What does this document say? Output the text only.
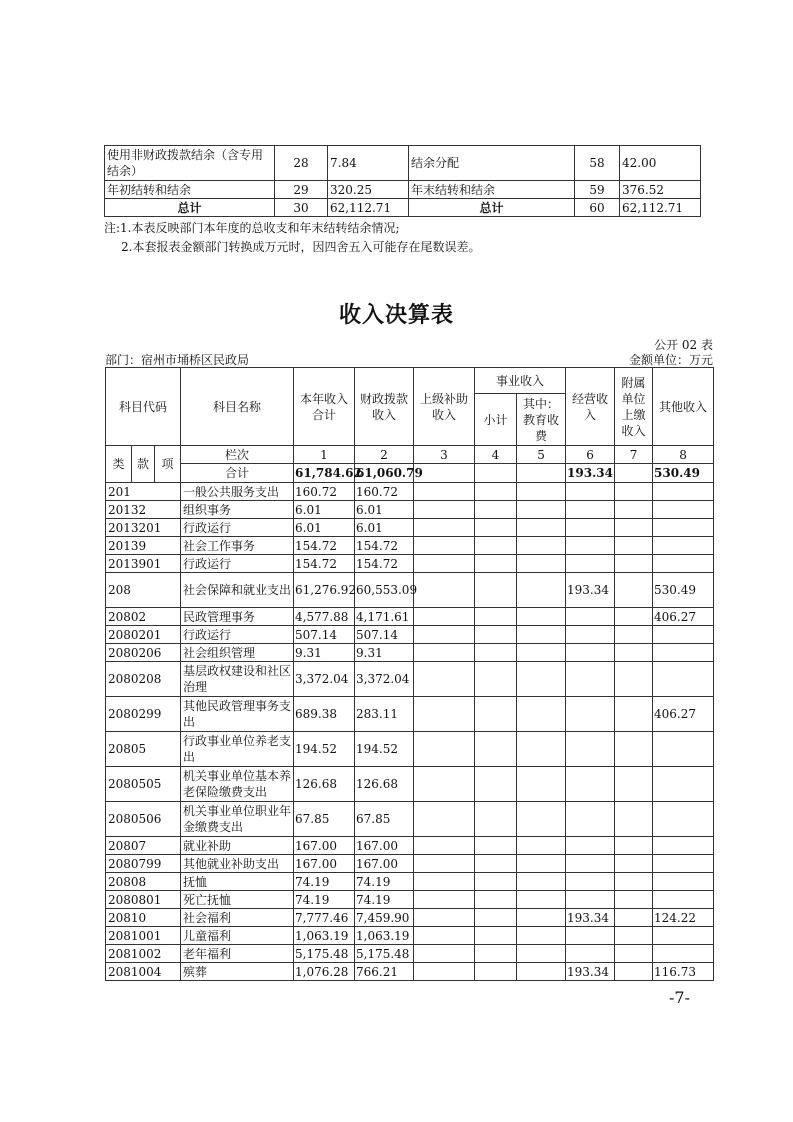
使用非财政拨款结余（含专用结余）	28	7.84	结余分配	58	42.00
年初结转和结余	29	320.25	年末结转和结余	59	376.52
总计	30	62,112.71	总计	60	62,112.71
注:1.本表反映部门本年度的总收支和年末结转结余情况;
2.本套报表金额部门转换成万元时，因四舍五入可能存在尾数误差。
收入决算表
公开 02 表
部门：宿州市埇桥区民政局	金额单位：万元
科目代码			科目名称	本年收入合计	财政拨款收入	上级补助收入	事业收入		经营收入	附属单位上缴收入	其他收入
							小计	其中：教育收费			
类	款	项	栏次	1	2	3	4	5	6	7	8
			合计	61,784.62	61,060.79				193.34		530.49
201			一般公共服务支出	160.72	160.72						
20132			组织事务	6.01	6.01						
2013201			行政运行	6.01	6.01						
20139			社会工作事务	154.72	154.72						
2013901			行政运行	154.72	154.72						
208			社会保障和就业支出	61,276.92	60,553.09				193.34		530.49
20802			民政管理事务	4,577.88	4,171.61						406.27
2080201			行政运行	507.14	507.14						
2080206			社会组织管理	9.31	9.31						
2080208			基层政权建设和社区治理	3,372.04	3,372.04						
2080299			其他民政管理事务支出	689.38	283.11						406.27
20805			行政事业单位养老支出	194.52	194.52						
2080505			机关事业单位基本养老保险缴费支出	126.68	126.68						
2080506			机关事业单位职业年金缴费支出	67.85	67.85						
20807			就业补助	167.00	167.00						
2080799			其他就业补助支出	167.00	167.00						
20808			抚恤	74.19	74.19						
2080801			死亡抚恤	74.19	74.19						
20810			社会福利	7,777.46	7,459.90				193.34		124.22
2081001			儿童福利	1,063.19	1,063.19						
2081002			老年福利	5,175.48	5,175.48						
2081004			殡葬	1,076.28	766.21				193.34		116.73
-7-
